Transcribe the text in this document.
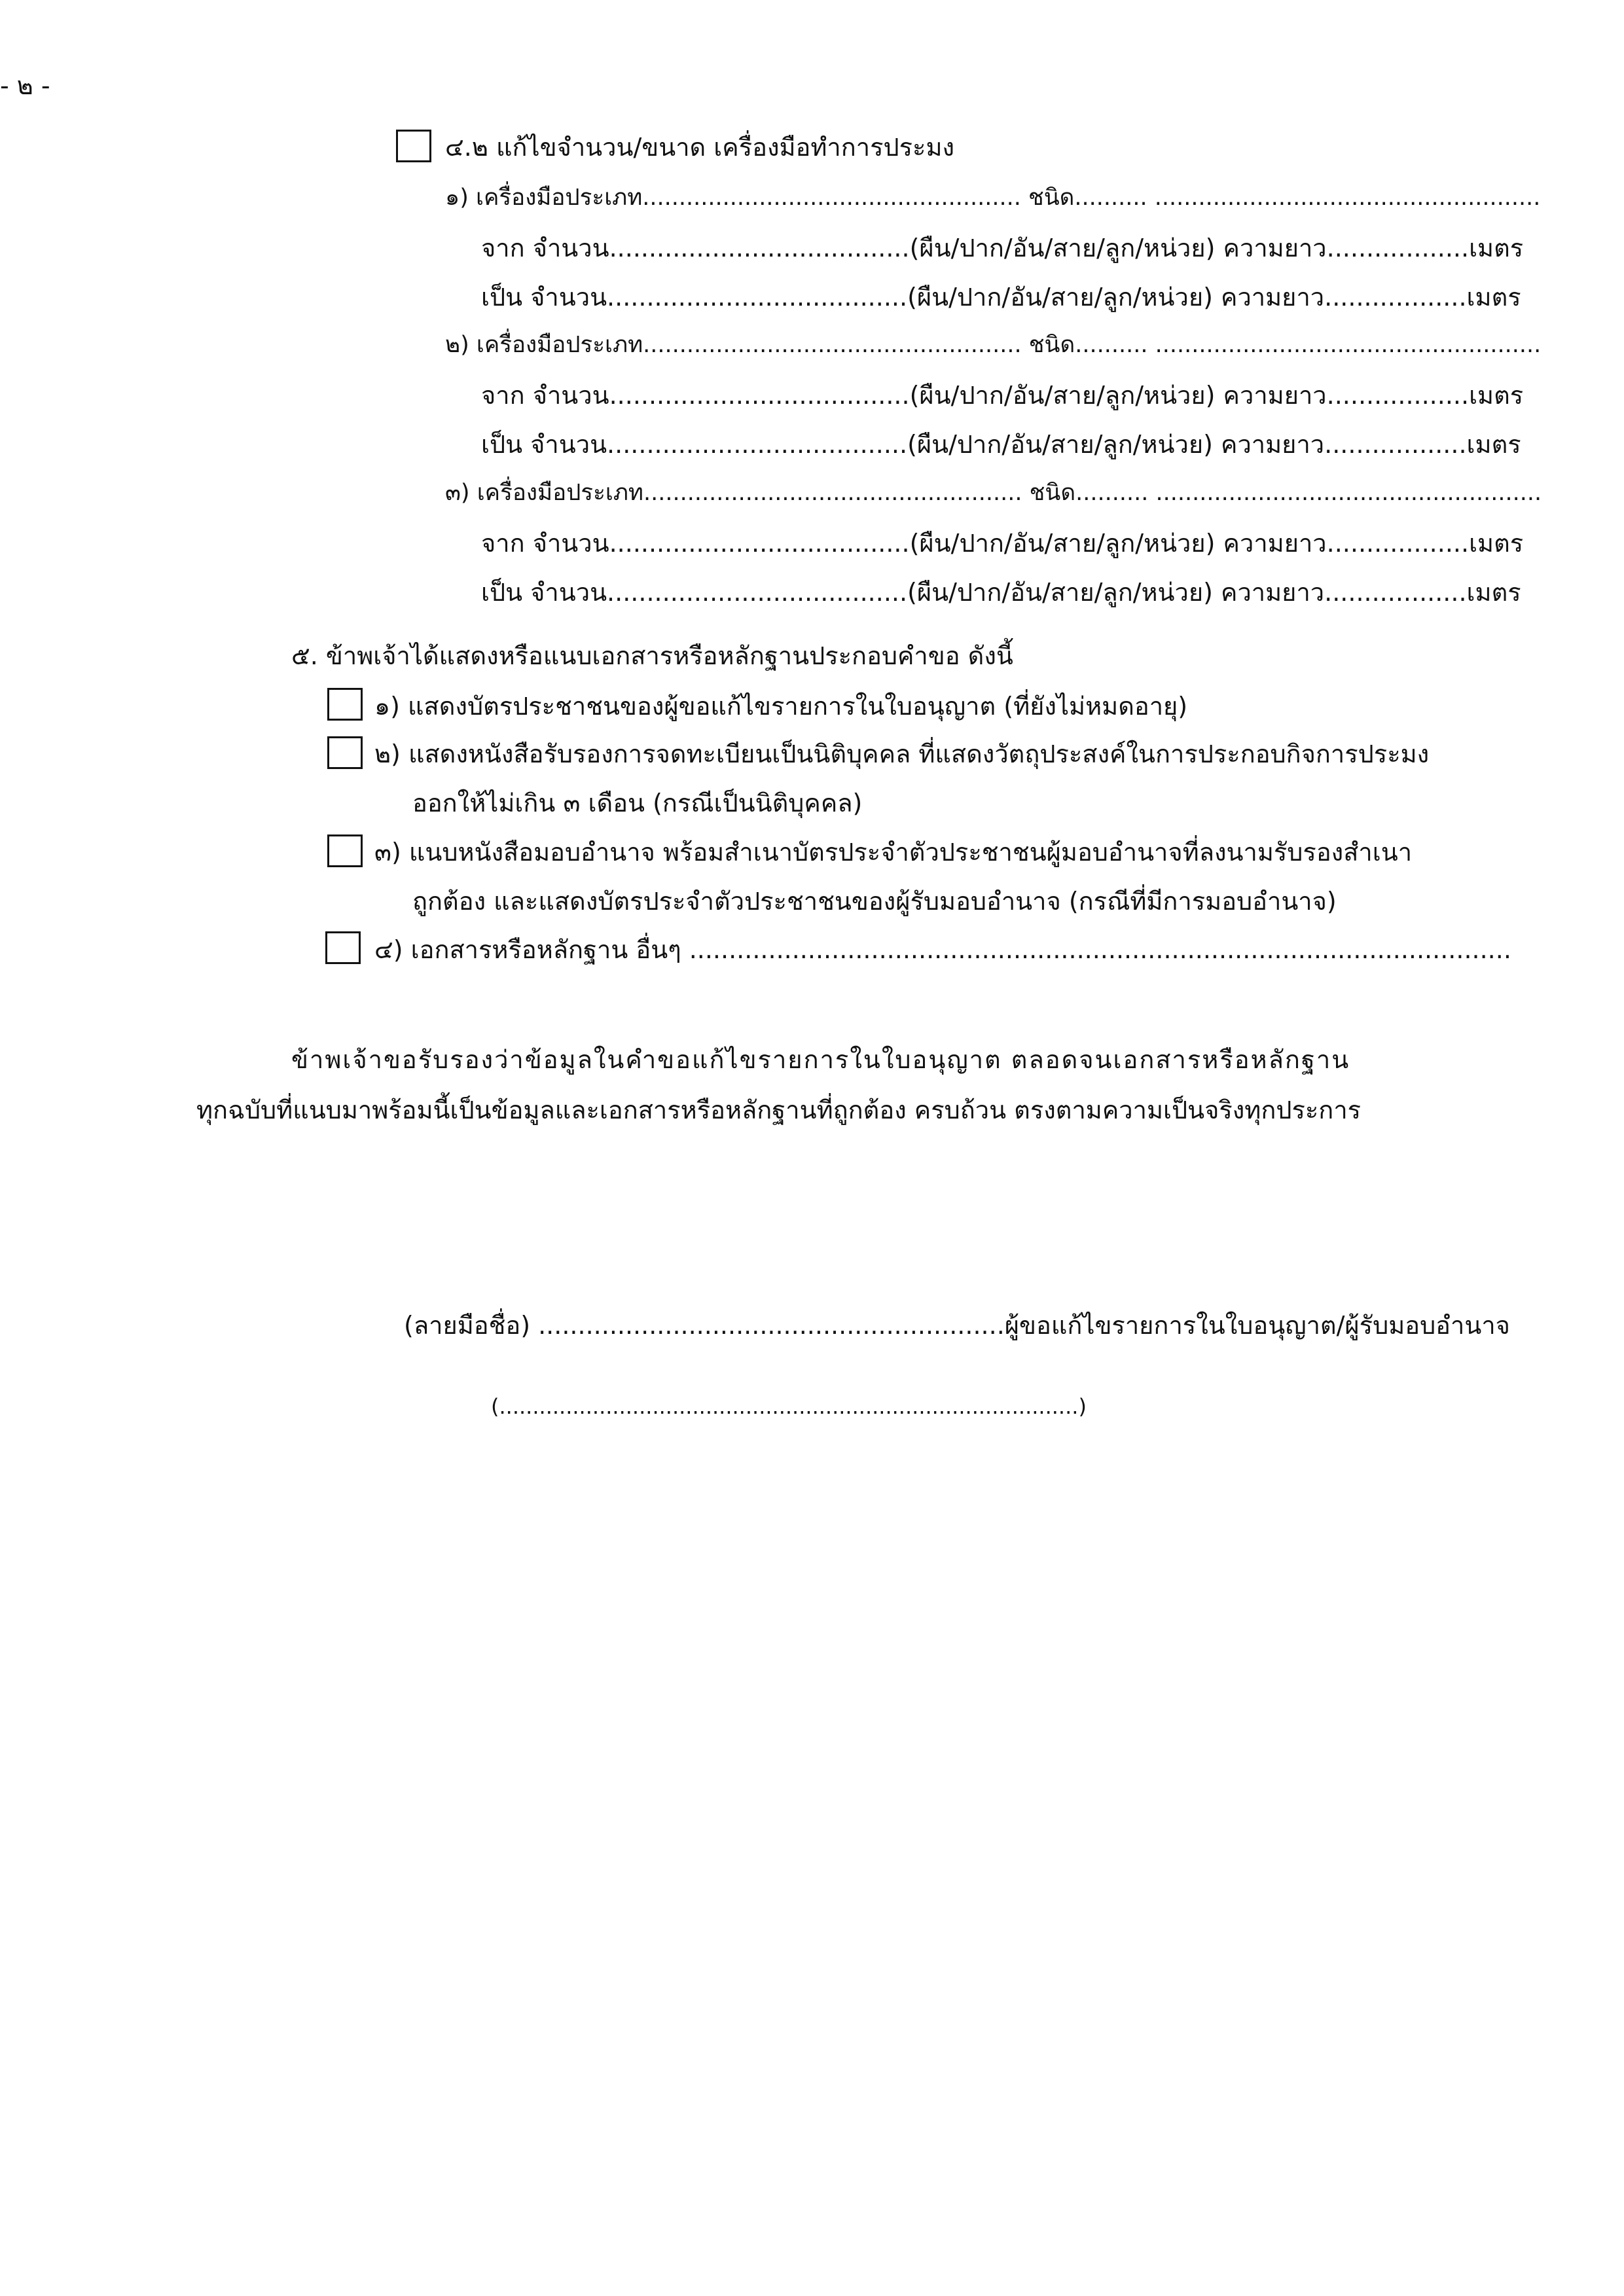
- ๒ -
๔.๒ แก้ไขจำนวน/ขนาด เครื่องมือทำการประมง
๑) เครื่องมือประเภท.................................................... ชนิด.......... .....................................................
จาก จำนวน......................................(ผืน/ปาก/อัน/สาย/ลูก/หน่วย) ความยาว..................เมตร
เป็น จำนวน......................................(ผืน/ปาก/อัน/สาย/ลูก/หน่วย) ความยาว..................เมตร
๒) เครื่องมือประเภท.................................................... ชนิด.......... .....................................................
จาก จำนวน......................................(ผืน/ปาก/อัน/สาย/ลูก/หน่วย) ความยาว..................เมตร
เป็น จำนวน......................................(ผืน/ปาก/อัน/สาย/ลูก/หน่วย) ความยาว..................เมตร
๓) เครื่องมือประเภท.................................................... ชนิด.......... .....................................................
จาก จำนวน......................................(ผืน/ปาก/อัน/สาย/ลูก/หน่วย) ความยาว..................เมตร
เป็น จำนวน......................................(ผืน/ปาก/อัน/สาย/ลูก/หน่วย) ความยาว..................เมตร
๕. ข้าพเจ้าได้แสดงหรือแนบเอกสารหรือหลักฐานประกอบคำขอ ดังนี้
๑) แสดงบัตรประชาชนของผู้ขอแก้ไขรายการในใบอนุญาต (ที่ยังไม่หมดอายุ)
๒) แสดงหนังสือรับรองการจดทะเบียนเป็นนิติบุคคล ที่แสดงวัตถุประสงค์ในการประกอบกิจการประมง
ออกให้ไม่เกิน ๓ เดือน (กรณีเป็นนิติบุคคล)
๓) แนบหนังสือมอบอำนาจ พร้อมสำเนาบัตรประจำตัวประชาชนผู้มอบอำนาจที่ลงนามรับรองสำเนา
ถูกต้อง และแสดงบัตรประจำตัวประชาชนของผู้รับมอบอำนาจ (กรณีที่มีการมอบอำนาจ)
๔) เอกสารหรือหลักฐาน อื่นๆ ........................................................................................................
ข้าพเจ้าขอรับรองว่าข้อมูลในคำขอแก้ไขรายการในใบอนุญาต ตลอดจนเอกสารหรือหลักฐาน
ทุกฉบับที่แนบมาพร้อมนี้เป็นข้อมูลและเอกสารหรือหลักฐานที่ถูกต้อง ครบถ้วน ตรงตามความเป็นจริงทุกประการ
(ลายมือชื่อ) ...........................................................ผู้ขอแก้ไขรายการในใบอนุญาต/ผู้รับมอบอำนาจ
(.......................................................................................)
